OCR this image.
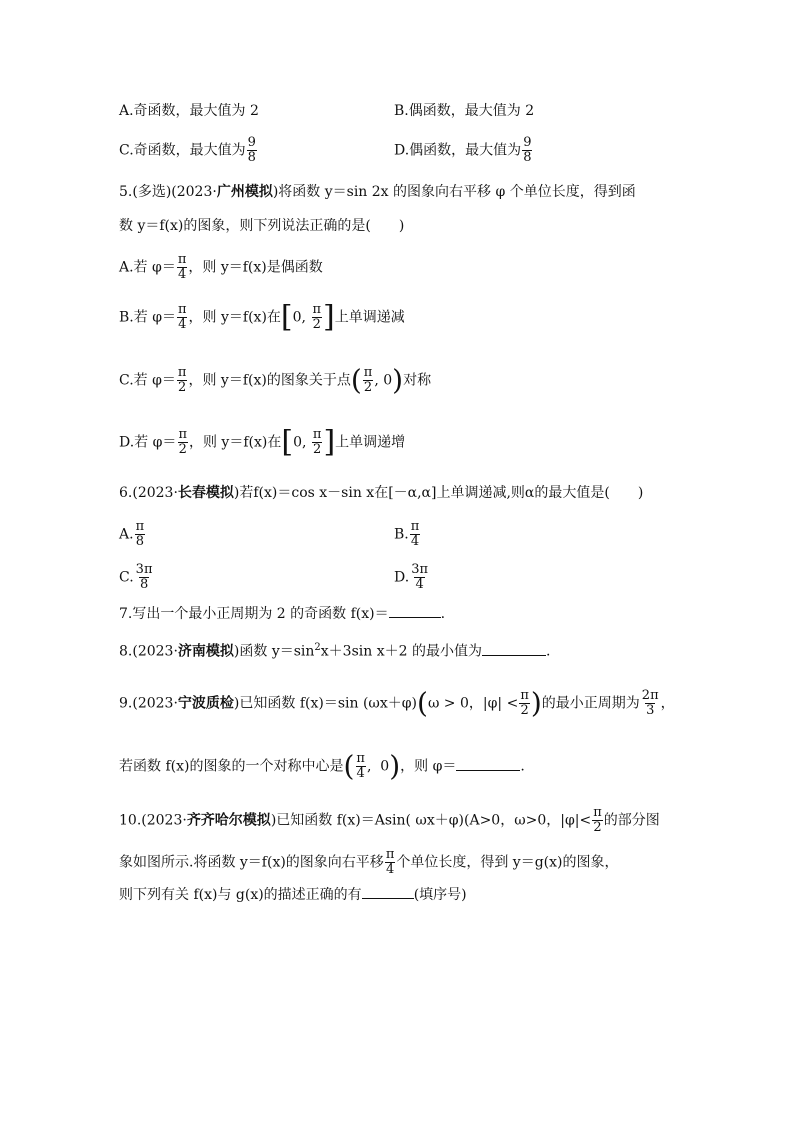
A.奇函数，最大值为 2	B.偶函数，最大值为 2
C.奇函数，最大值为 $\frac{9}{8}$	D.偶函数，最大值为 $\frac{9}{8}$
5.(多选)(2023·广州模拟)将函数 y＝sin 2x 的图象向右平移 φ 个单位长度，得到函
数 y＝f(x)的图象，则下列说法正确的是(　　)
A.若 $\varphi= \frac{\pi}{4}$ ，则 y＝f(x)是偶函数
B.若 $\varphi= \frac{\pi}{4}$ ，则 y＝f(x)在[0, $\frac{\pi}{2}$ ]上单调递减
C.若 $\varphi= \frac{\pi}{2}$ ，则 y＝f(x)的图象关于点( $\frac{\pi}{2}$ , 0)对称
D.若 $\varphi= \frac{\pi}{2}$ ，则 y＝f(x)在[0, $\frac{\pi}{2}$ ]上单调递增
6.(2023·长春模拟)若f(x)＝cos x－sin x在[－α,α]上单调递减,则α的最大值是(　　)
A. $\frac{\pi}{8}$	B. $\frac{\pi}{4}$
C. $\frac{3\pi}{8}$	D. $\frac{3\pi}{4}$
7.写出一个最小正周期为 2 的奇函数 f(x)＝	.
8.(2023·济南模拟)函数 $y=\sin^2x+3\sin$ x＋2 的最小值为	.
9.(2023·宁波质检)已知函数 f(x)＝sin (ωx＋φ)(ω > 0，$|\varphi| < \frac{\pi}{2}$ )的最小正周期为 $\frac{2\pi}{3}$ ，
若函数 f(x)的图象的一个对称中心是( $\frac{\pi}{4}$ ,  0)，则 φ＝	.
10.(2023·齐齐哈尔模拟)已知函数 f(x)＝Asin( ωx＋φ)(A>0，ω>0，$|\varphi|< \frac{\pi}{2}$ 的部分图
象如图所示.将函数 y＝f(x)的图象向右平移 $\frac{\pi}{4}$ 个单位长度，得到 y＝g(x)的图象，
则下列有关 f(x)与 g(x)的描述正确的有	(填序号)
